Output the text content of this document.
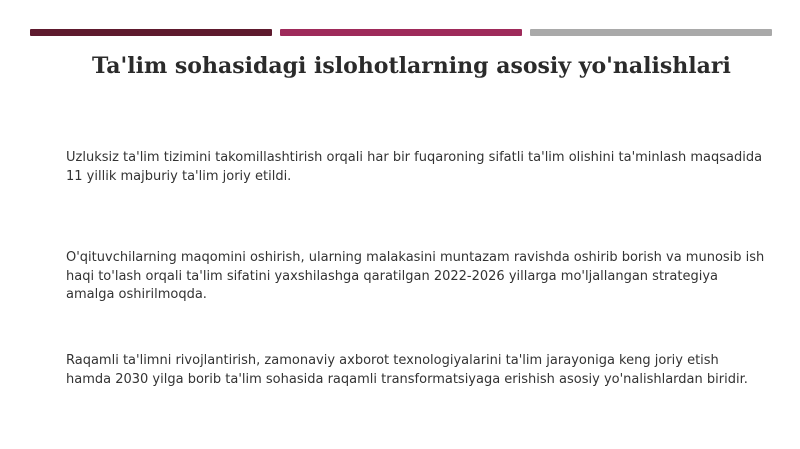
Ta'lim sohasidagi islohotlarning asosiy yo'nalishlari

Uzluksiz ta'lim tizimini takomillashtirish orqali har bir fuqaroning sifatli ta'lim olishini ta'minlash maqsadida 11 yillik majburiy ta'lim joriy etildi.

O'qituvchilarning maqomini oshirish, ularning malakasini muntazam ravishda oshirib borish va munosib ish haqi to'lash orqali ta'lim sifatini yaxshilashga qaratilgan 2022-2026 yillarga mo'ljallangan strategiya amalga oshirilmoqda.

Raqamli ta'limni rivojlantirish, zamonaviy axborot texnologiyalarini ta'lim jarayoniga keng joriy etish hamda 2030 yilga borib ta'lim sohasida raqamli transformatsiyaga erishish asosiy yo'nalishlardan biridir.
